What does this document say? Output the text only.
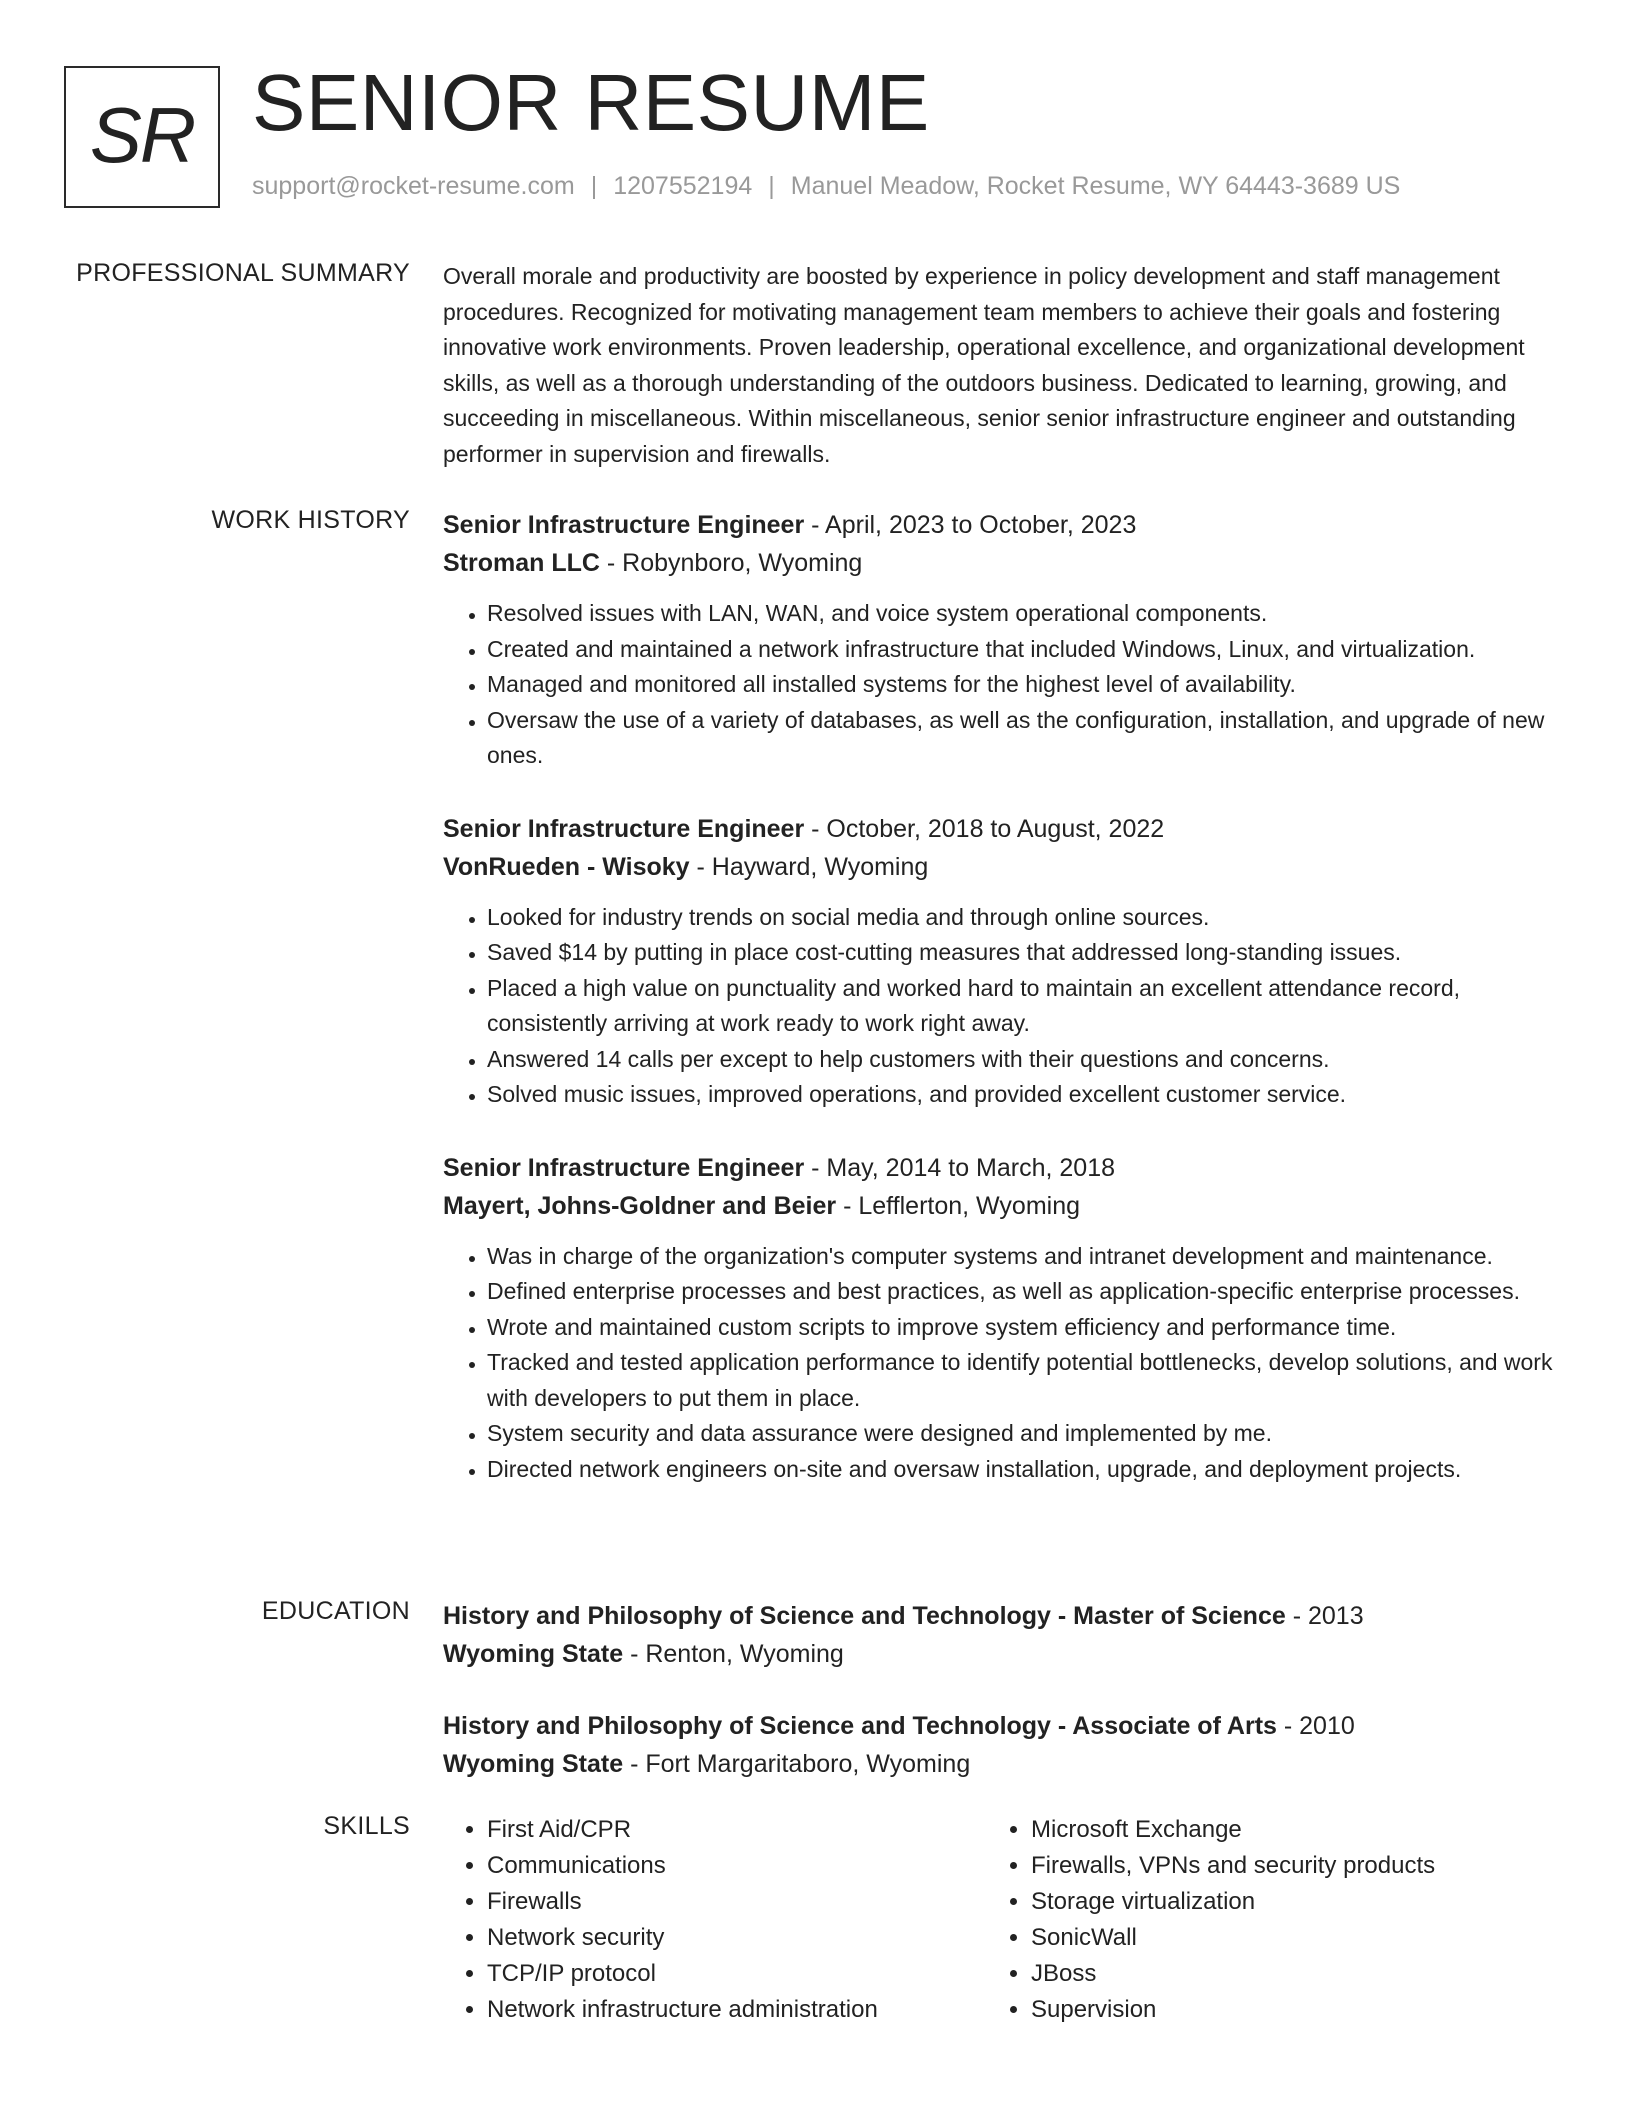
SR SENIOR RESUME
support@rocket-resume.com | 1207552194 | Manuel Meadow, Rocket Resume, WY 64443-3689 US
PROFESSIONAL SUMMARY Overall morale and productivity are boosted by experience in policy development and staff management procedures. Recognized for motivating management team members to achieve their goals and fostering innovative work environments. Proven leadership, operational excellence, and organizational development skills, as well as a thorough understanding of the outdoors business. Dedicated to learning, growing, and succeeding in miscellaneous. Within miscellaneous, senior senior infrastructure engineer and outstanding performer in supervision and firewalls.

WORK HISTORY Senior Infrastructure Engineer - April, 2023 to October, 2023
Stroman LLC - Robynboro, Wyoming
• Resolved issues with LAN, WAN, and voice system operational components.
• Created and maintained a network infrastructure that included Windows, Linux, and virtualization.
• Managed and monitored all installed systems for the highest level of availability.
• Oversaw the use of a variety of databases, as well as the configuration, installation, and upgrade of new ones.
Senior Infrastructure Engineer - October, 2018 to August, 2022
VonRueden - Wisoky - Hayward, Wyoming
• Looked for industry trends on social media and through online sources.
• Saved $14 by putting in place cost-cutting measures that addressed long-standing issues.
• Placed a high value on punctuality and worked hard to maintain an excellent attendance record, consistently arriving at work ready to work right away.
• Answered 14 calls per except to help customers with their questions and concerns.
• Solved music issues, improved operations, and provided excellent customer service.
Senior Infrastructure Engineer - May, 2014 to March, 2018
Mayert, Johns-Goldner and Beier - Lefflerton, Wyoming
• Was in charge of the organization's computer systems and intranet development and maintenance.
• Defined enterprise processes and best practices, as well as application-specific enterprise processes.
• Wrote and maintained custom scripts to improve system efficiency and performance time.
• Tracked and tested application performance to identify potential bottlenecks, develop solutions, and work with developers to put them in place.
• System security and data assurance were designed and implemented by me.
• Directed network engineers on-site and oversaw installation, upgrade, and deployment projects.
EDUCATION History and Philosophy of Science and Technology - Master of Science - 2013
Wyoming State - Renton, Wyoming
History and Philosophy of Science and Technology - Associate of Arts - 2010
Wyoming State - Fort Margaritaboro, Wyoming
SKILLS
•	First Aid/CPR
• Communications
• Firewalls
• Network security
• TCP/IP protocol
• Network infrastructure administration
• Microsoft Exchange
• Firewalls, VPNs and security products
• Storage virtualization
• SonicWall
• JBoss
• Supervision
